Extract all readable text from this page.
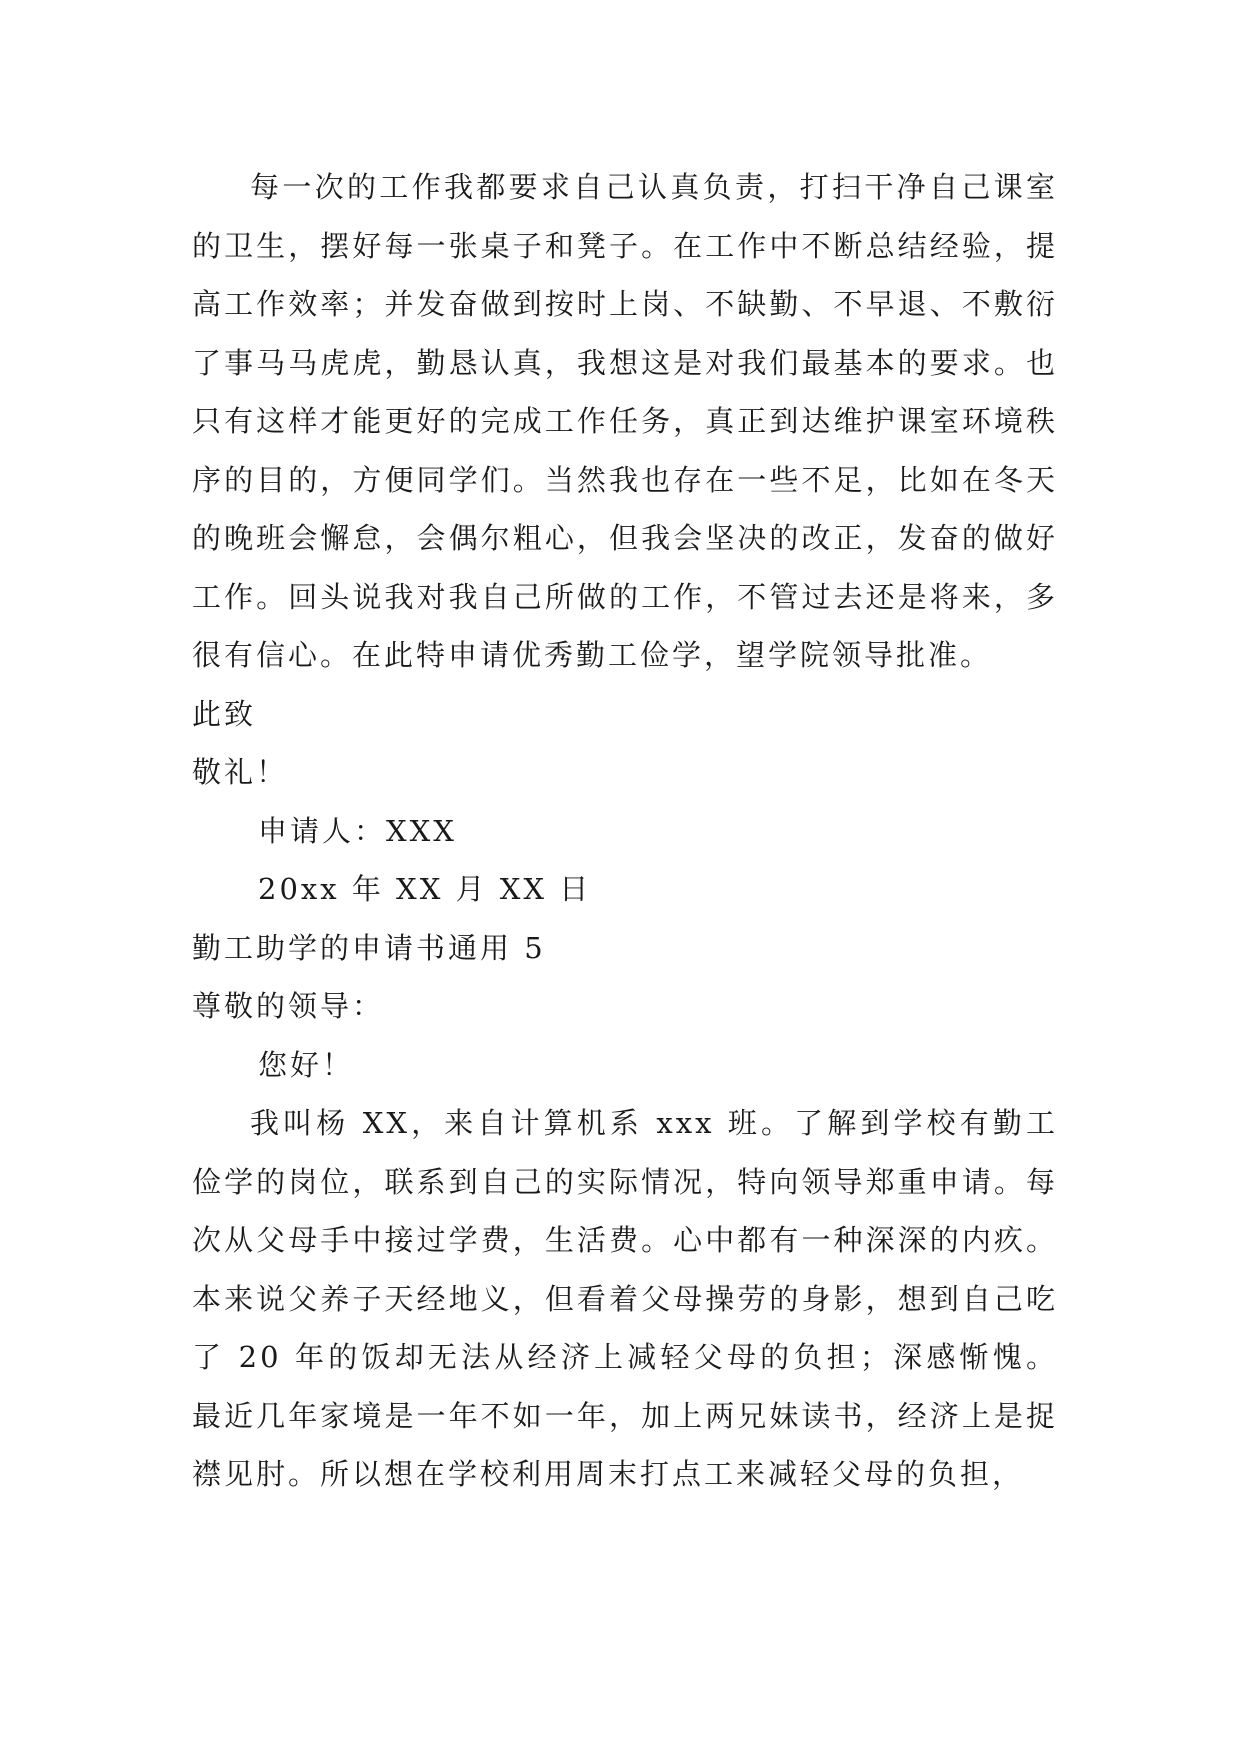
每一次的工作我都要求自己认真负责，打扫干净自己课室的卫生，摆好每一张桌子和凳子。在工作中不断总结经验，提高工作效率；并发奋做到按时上岗、不缺勤、不早退、不敷衍了事马马虎虎，勤恳认真，我想这是对我们最基本的要求。也只有这样才能更好的完成工作任务，真正到达维护课室环境秩序的目的，方便同学们。当然我也存在一些不足，比如在冬天的晚班会懈怠，会偶尔粗心，但我会坚决的改正，发奋的做好工作。回头说我对我自己所做的工作，不管过去还是将来，多很有信心。在此特申请优秀勤工俭学，望学院领导批准。

此致

敬礼！

申请人：XXX

20xx 年 XX 月 XX 日

勤工助学的申请书通用 5

尊敬的领导：

您好！

我叫杨 XX，来自计算机系 xxx 班。了解到学校有勤工俭学的岗位，联系到自己的实际情况，特向领导郑重申请。每次从父母手中接过学费，生活费。心中都有一种深深的内疚。本来说父养子天经地义，但看着父母操劳的身影，想到自己吃了 20 年的饭却无法从经济上减轻父母的负担；深感惭愧。最近几年家境是一年不如一年，加上两兄妹读书，经济上是捉襟见肘。所以想在学校利用周末打点工来减轻父母的负担，
